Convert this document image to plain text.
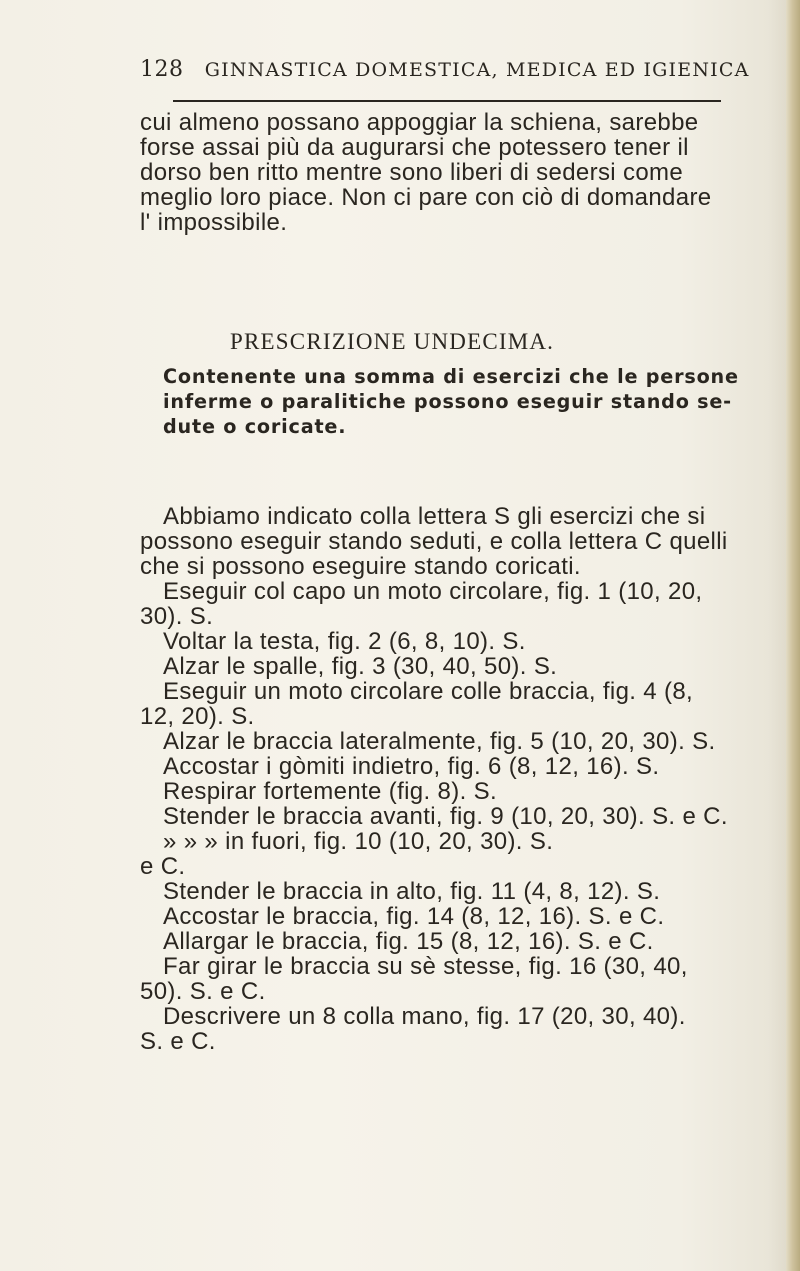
128 GINNASTICA DOMESTICA, MEDICA ED IGIENICA
cui almeno possano appoggiar la schiena, sarebbe
forse assai più da augurarsi che potessero tener il
dorso ben ritto mentre sono liberi di sedersi come
meglio loro piace. Non ci pare con ciò di domandare
l' impossibile.
PRESCRIZIONE UNDECIMA.
Contenente una somma di esercizi che le persone
inferme o paralitiche possono eseguir stando se-
dute o coricate.
Abbiamo indicato colla lettera S gli esercizi che si
possono eseguir stando seduti, e colla lettera C quelli
che si possono eseguire stando coricati.
Eseguir col capo un moto circolare, fig. 1 (10, 20,
30). S.
Voltar la testa, fig. 2 (6, 8, 10). S.
Alzar le spalle, fig. 3 (30, 40, 50). S.
Eseguir un moto circolare colle braccia, fig. 4 (8,
12, 20). S.
Alzar le braccia lateralmente, fig. 5 (10, 20, 30). S.
Accostar i gòmiti indietro, fig. 6 (8, 12, 16). S.
Respirar fortemente (fig. 8). S.
Stender le braccia avanti, fig. 9 (10, 20, 30). S. e C.
» » » in fuori, fig. 10 (10, 20, 30). S.
e C.
Stender le braccia in alto, fig. 11 (4, 8, 12). S.
Accostar le braccia, fig. 14 (8, 12, 16). S. e C.
Allargar le braccia, fig. 15 (8, 12, 16). S. e C.
Far girar le braccia su sè stesse, fig. 16 (30, 40,
50). S. e C.
Descrivere un 8 colla mano, fig. 17 (20, 30, 40).
S. e C.
